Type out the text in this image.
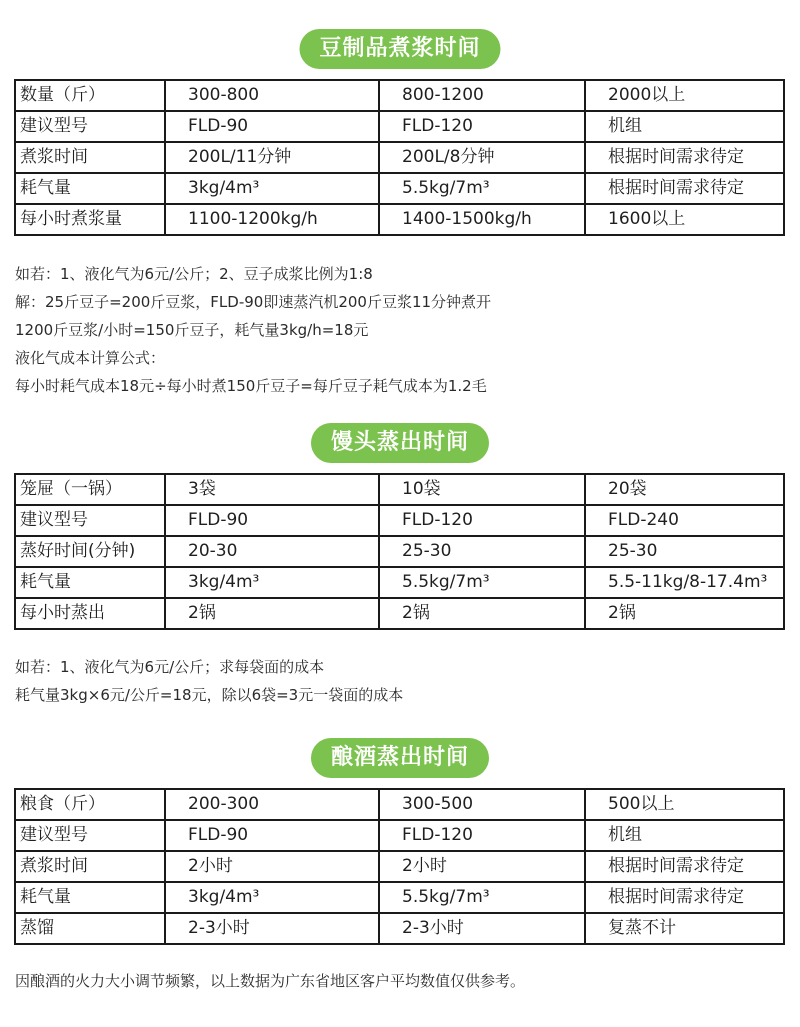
豆制品煮浆时间
数量（斤）	300-800	800-1200	2000以上
建议型号	FLD-90	FLD-120	机组
煮浆时间	200L/11分钟	200L/8分钟	根据时间需求待定
耗气量	3kg/4m³	5.5kg/7m³	根据时间需求待定
每小时煮浆量	1100-1200kg/h	1400-1500kg/h	1600以上
如若：1、液化气为6元/公斤；2、豆子成浆比例为1:8
解：25斤豆子=200斤豆浆，FLD-90即速蒸汽机200斤豆浆11分钟煮开
1200斤豆浆/小时=150斤豆子，耗气量3kg/h=18元
液化气成本计算公式：
每小时耗气成本18元÷每小时煮150斤豆子=每斤豆子耗气成本为1.2毛
馒头蒸出时间
笼屉（一锅）	3袋	10袋	20袋
建议型号	FLD-90	FLD-120	FLD-240
蒸好时间(分钟)	20-30	25-30	25-30
耗气量	3kg/4m³	5.5kg/7m³	5.5-11kg/8-17.4m³
每小时蒸出	2锅	2锅	2锅
如若：1、液化气为6元/公斤；求每袋面的成本
耗气量3kg×6元/公斤=18元，除以6袋=3元一袋面的成本
酿酒蒸出时间
粮食（斤）	200-300	300-500	500以上
建议型号	FLD-90	FLD-120	机组
煮浆时间	2小时	2小时	根据时间需求待定
耗气量	3kg/4m³	5.5kg/7m³	根据时间需求待定
蒸馏	2-3小时	2-3小时	复蒸不计
因酿酒的火力大小调节频繁，以上数据为广东省地区客户平均数值仅供参考。
